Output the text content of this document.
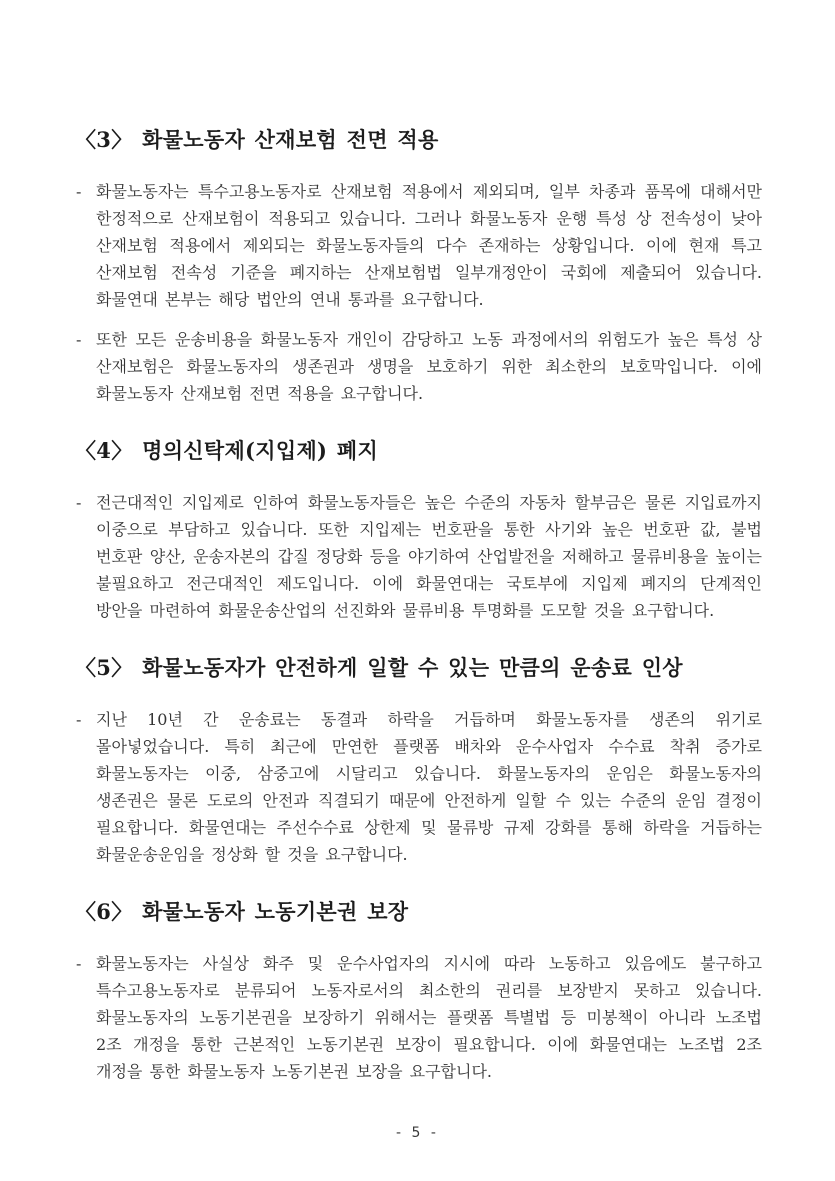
〈3〉 화물노동자 산재보험 전면 적용
- 화물노동자는 특수고용노동자로 산재보험 적용에서 제외되며, 일부 차종과 품목에 대해서만 한정적으로 산재보험이 적용되고 있습니다. 그러나 화물노동자 운행 특성 상 전속성이 낮아 산재보험 적용에서 제외되는 화물노동자들의 다수 존재하는 상황입니다. 이에 현재 특고 산재보험 전속성 기준을 폐지하는 산재보험법 일부개정안이 국회에 제출되어 있습니다. 화물연대 본부는 해당 법안의 연내 통과를 요구합니다.
- 또한 모든 운송비용을 화물노동자 개인이 감당하고 노동 과정에서의 위험도가 높은 특성 상 산재보험은 화물노동자의 생존권과 생명을 보호하기 위한 최소한의 보호막입니다. 이에 화물노동자 산재보험 전면 적용을 요구합니다.
〈4〉 명의신탁제(지입제) 폐지
- 전근대적인 지입제로 인하여 화물노동자들은 높은 수준의 자동차 할부금은 물론 지입료까지 이중으로 부담하고 있습니다. 또한 지입제는 번호판을 통한 사기와 높은 번호판 값, 불법 번호판 양산, 운송자본의 갑질 정당화 등을 야기하여 산업발전을 저해하고 물류비용을 높이는 불필요하고 전근대적인 제도입니다. 이에 화물연대는 국토부에 지입제 폐지의 단계적인 방안을 마련하여 화물운송산업의 선진화와 물류비용 투명화를 도모할 것을 요구합니다.
〈5〉 화물노동자가 안전하게 일할 수 있는 만큼의 운송료 인상
- 지난 10년 간 운송료는 동결과 하락을 거듭하며 화물노동자를 생존의 위기로 몰아넣었습니다. 특히 최근에 만연한 플랫폼 배차와 운수사업자 수수료 착취 증가로 화물노동자는 이중, 삼중고에 시달리고 있습니다. 화물노동자의 운임은 화물노동자의 생존권은 물론 도로의 안전과 직결되기 때문에 안전하게 일할 수 있는 수준의 운임 결정이 필요합니다. 화물연대는 주선수수료 상한제 및 물류방 규제 강화를 통해 하락을 거듭하는 화물운송운임을 정상화 할 것을 요구합니다.
〈6〉 화물노동자 노동기본권 보장
- 화물노동자는 사실상 화주 및 운수사업자의 지시에 따라 노동하고 있음에도 불구하고 특수고용노동자로 분류되어 노동자로서의 최소한의 권리를 보장받지 못하고 있습니다. 화물노동자의 노동기본권을 보장하기 위해서는 플랫폼 특별법 등 미봉책이 아니라 노조법 2조 개정을 통한 근본적인 노동기본권 보장이 필요합니다. 이에 화물연대는 노조법 2조 개정을 통한 화물노동자 노동기본권 보장을 요구합니다.
- 5 -
